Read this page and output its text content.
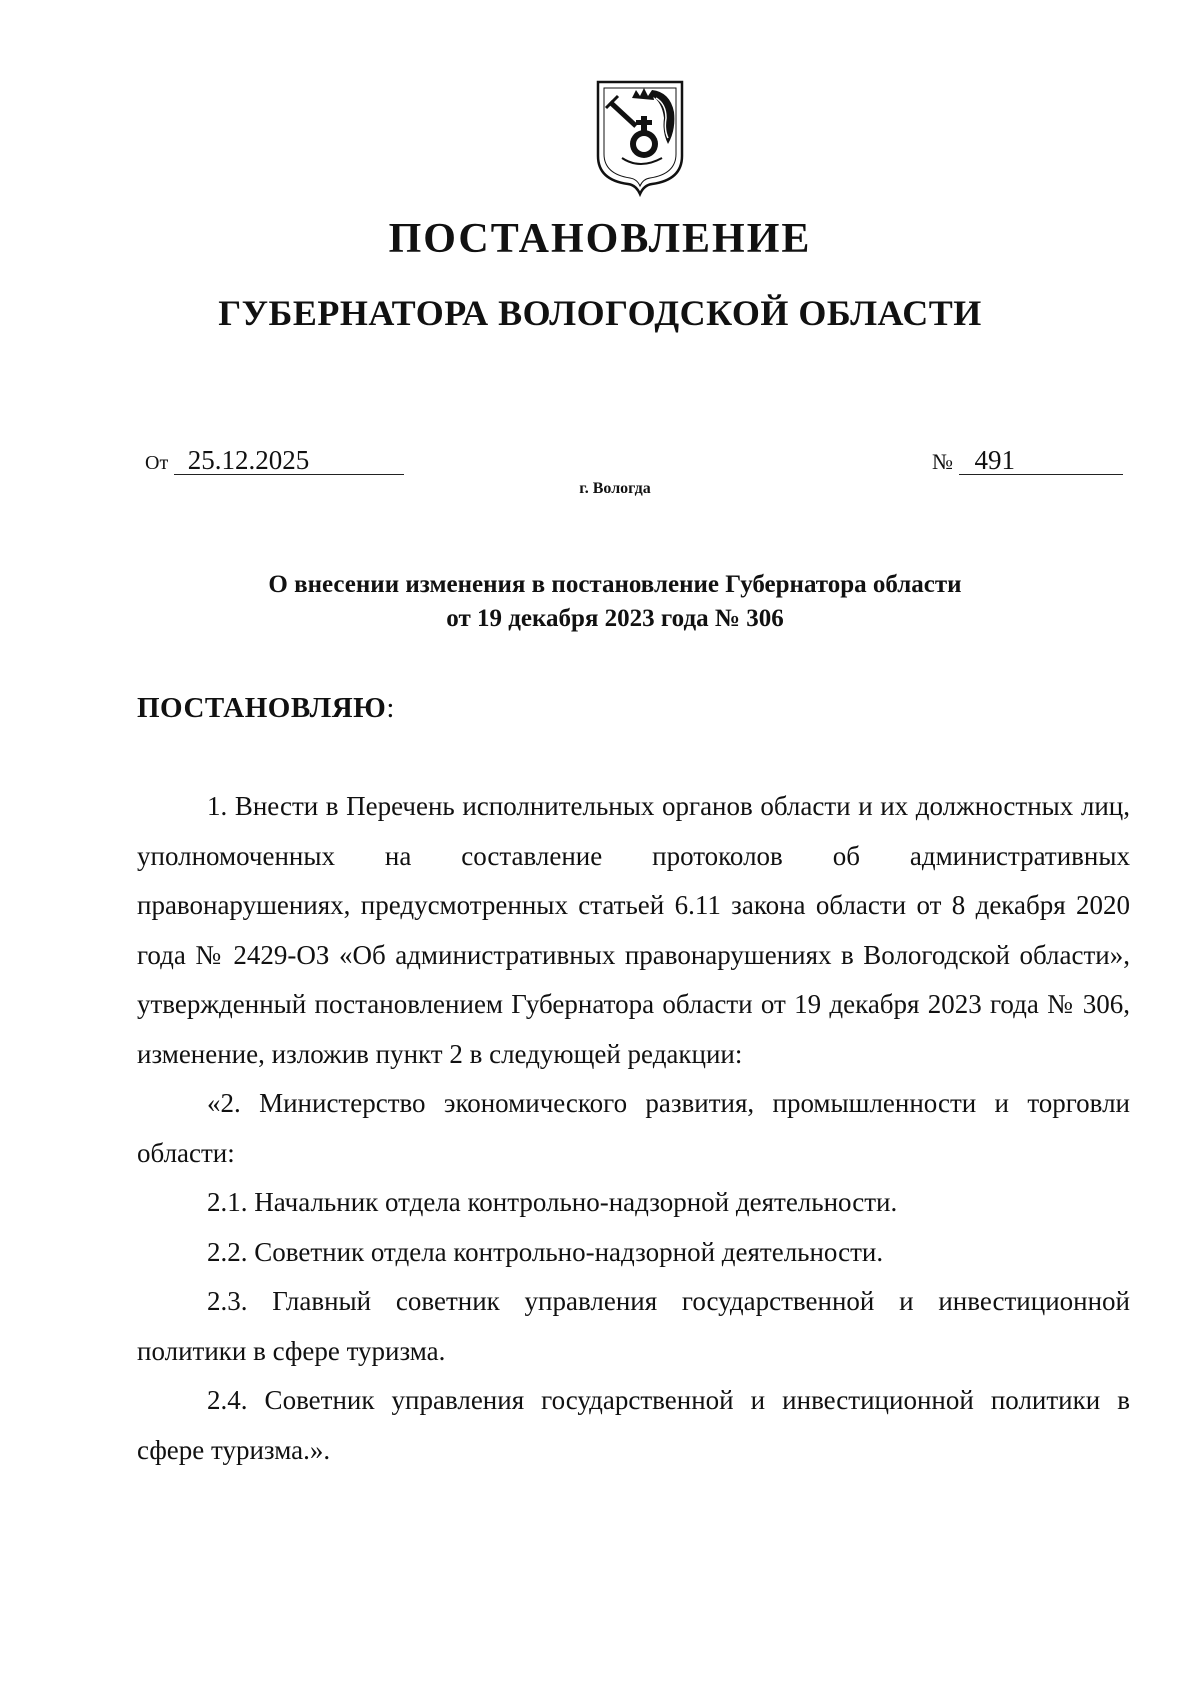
ПОСТАНОВЛЕНИЕ
ГУБЕРНАТОРА ВОЛОГОДСКОЙ ОБЛАСТИ
От 25.12.2025	№ 491
г. Вологда
О внесении изменения в постановление Губернатора области
от 19 декабря 2023 года № 306
ПОСТАНОВЛЯЮ:

1. Внести в Перечень исполнительных органов области и их должностных лиц, уполномоченных на составление протоколов об административных правонарушениях, предусмотренных статьей 6.11 закона области от 8 декабря 2020 года № 2429-ОЗ «Об административных правонарушениях в Вологодской области», утвержденный постановлением Губернатора области от 19 декабря 2023 года № 306, изменение, изложив пункт 2 в следующей редакции:

«2. Министерство экономического развития, промышленности и торговли области:

2.1. Начальник отдела контрольно-надзорной деятельности.

2.2. Советник отдела контрольно-надзорной деятельности.

2.3. Главный советник управления государственной и инвестиционной политики в сфере туризма.

2.4. Советник управления государственной и инвестиционной политики в сфере туризма.».
